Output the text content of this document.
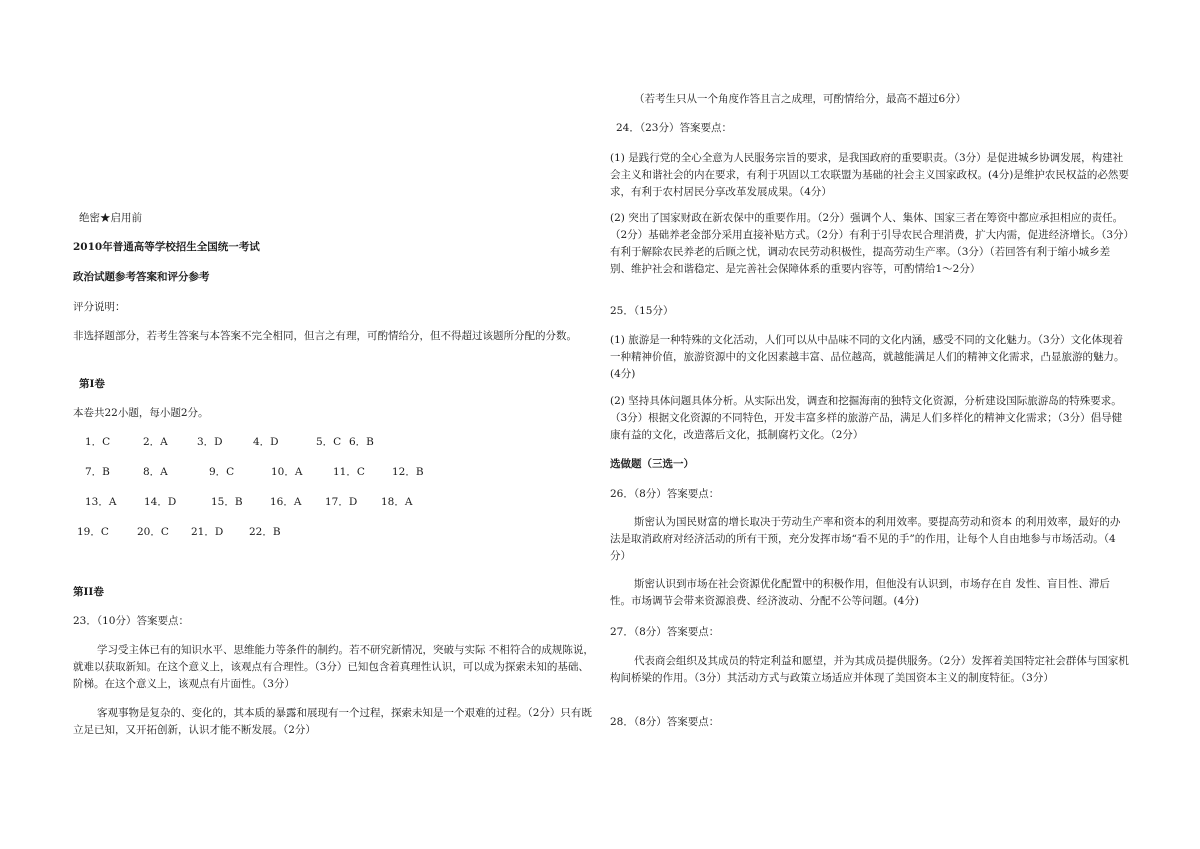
绝密★启用前

2010年普通高等学校招生全国统一考试

政治试题参考答案和评分参考

评分说明：

非选择题部分，若考生答案与本答案不完全相同，但言之有理，可酌情给分，但不得超过该题所分配的分数。

第Ⅰ卷

本卷共22小题，每小题2分。

1．C	2．A	3．D	4．D	5．C 6．B
7．B	8．A	9．C	10．A	11．C	12．B
13．A	14．D	15．B	16．A	17．D	18．A
19．C	20．C	21．D	22．B

第II卷

23．（10分）答案要点：

学习受主体已有的知识水平、思维能力等条件的制约。若不研究新情况，突破与实际 不相符合的成规陈说，就难以获取新知。在这个意义上，该观点有合理性。（3分）已知包含着真理性认识，可以成为探索未知的基础、阶梯。在这个意义上，该观点有片面性。（3分）

客观事物是复杂的、变化的，其本质的暴露和展现有一个过程，探索未知是一个艰难的过程。（2分）只有既立足已知，又开拓创新，认识才能不断发展。（2分）

（若考生只从一个角度作答且言之成理，可酌情给分，最高不超过6分）

24．（23分）答案要点：

(1) 是践行党的全心全意为人民服务宗旨的要求，是我国政府的重要职责。（3分）是促进城乡协调发展，构建社会主义和谐社会的内在要求，有利于巩固以工农联盟为基础的社会主义国家政权。(4分)是维护农民权益的必然要求，有利于农村居民分享改革发展成果。（4分）

(2) 突出了国家财政在新农保中的重要作用。（2分）强调个人、集体、国家三者在筹资中都应承担相应的责任。（2分）基础养老金部分采用直接补贴方式。（2分）有利于引导农民合理消费，扩大内需，促进经济增长。（3分）有利于解除农民养老的后顾之忧，调动农民劳动积极性，提高劳动生产率。（3分）（若回答有利于缩小城乡差别、维护社会和谐稳定、是完善社会保障体系的重要内容等，可酌情给1～2分）

25．（15分）

(1) 旅游是一种特殊的文化活动，人们可以从中品味不同的文化内涵，感受不同的文化魅力。（3分）文化体现着一种精神价值，旅游资源中的文化因素越丰富、品位越高，就越能满足人们的精神文化需求，凸显旅游的魅力。(4分)

(2) 坚持具体问题具体分析。从实际出发，调查和挖掘海南的独特文化资源，分析建设国际旅游岛的特殊要求。（3分）根据文化资源的不同特色，开发丰富多样的旅游产品，满足人们多样化的精神文化需求；（3分）倡导健康有益的文化，改造落后文化，抵制腐朽文化。（2分）

选做题（三选一）

26．（8分）答案要点：

斯密认为国民财富的增长取决于劳动生产率和资本的利用效率。要提高劳动和资本 的利用效率，最好的办法是取消政府对经济活动的所有干预，充分发挥市场“看不见的手”的作用，让每个人自由地参与市场活动。（4分）

斯密认识到市场在社会资源优化配置中的积极作用，但他没有认识到，市场存在自 发性、盲目性、滞后性。市场调节会带来资源浪费、经济波动、分配不公等问题。(4分)

27．（8分）答案要点：

代表商会组织及其成员的特定利益和愿望，并为其成员提供服务。（2分）发挥着美国特定社会群体与国家机构间桥梁的作用。（3分）其活动方式与政策立场适应并体现了美国资本主义的制度特征。（3分）

28．（8分）答案要点：
